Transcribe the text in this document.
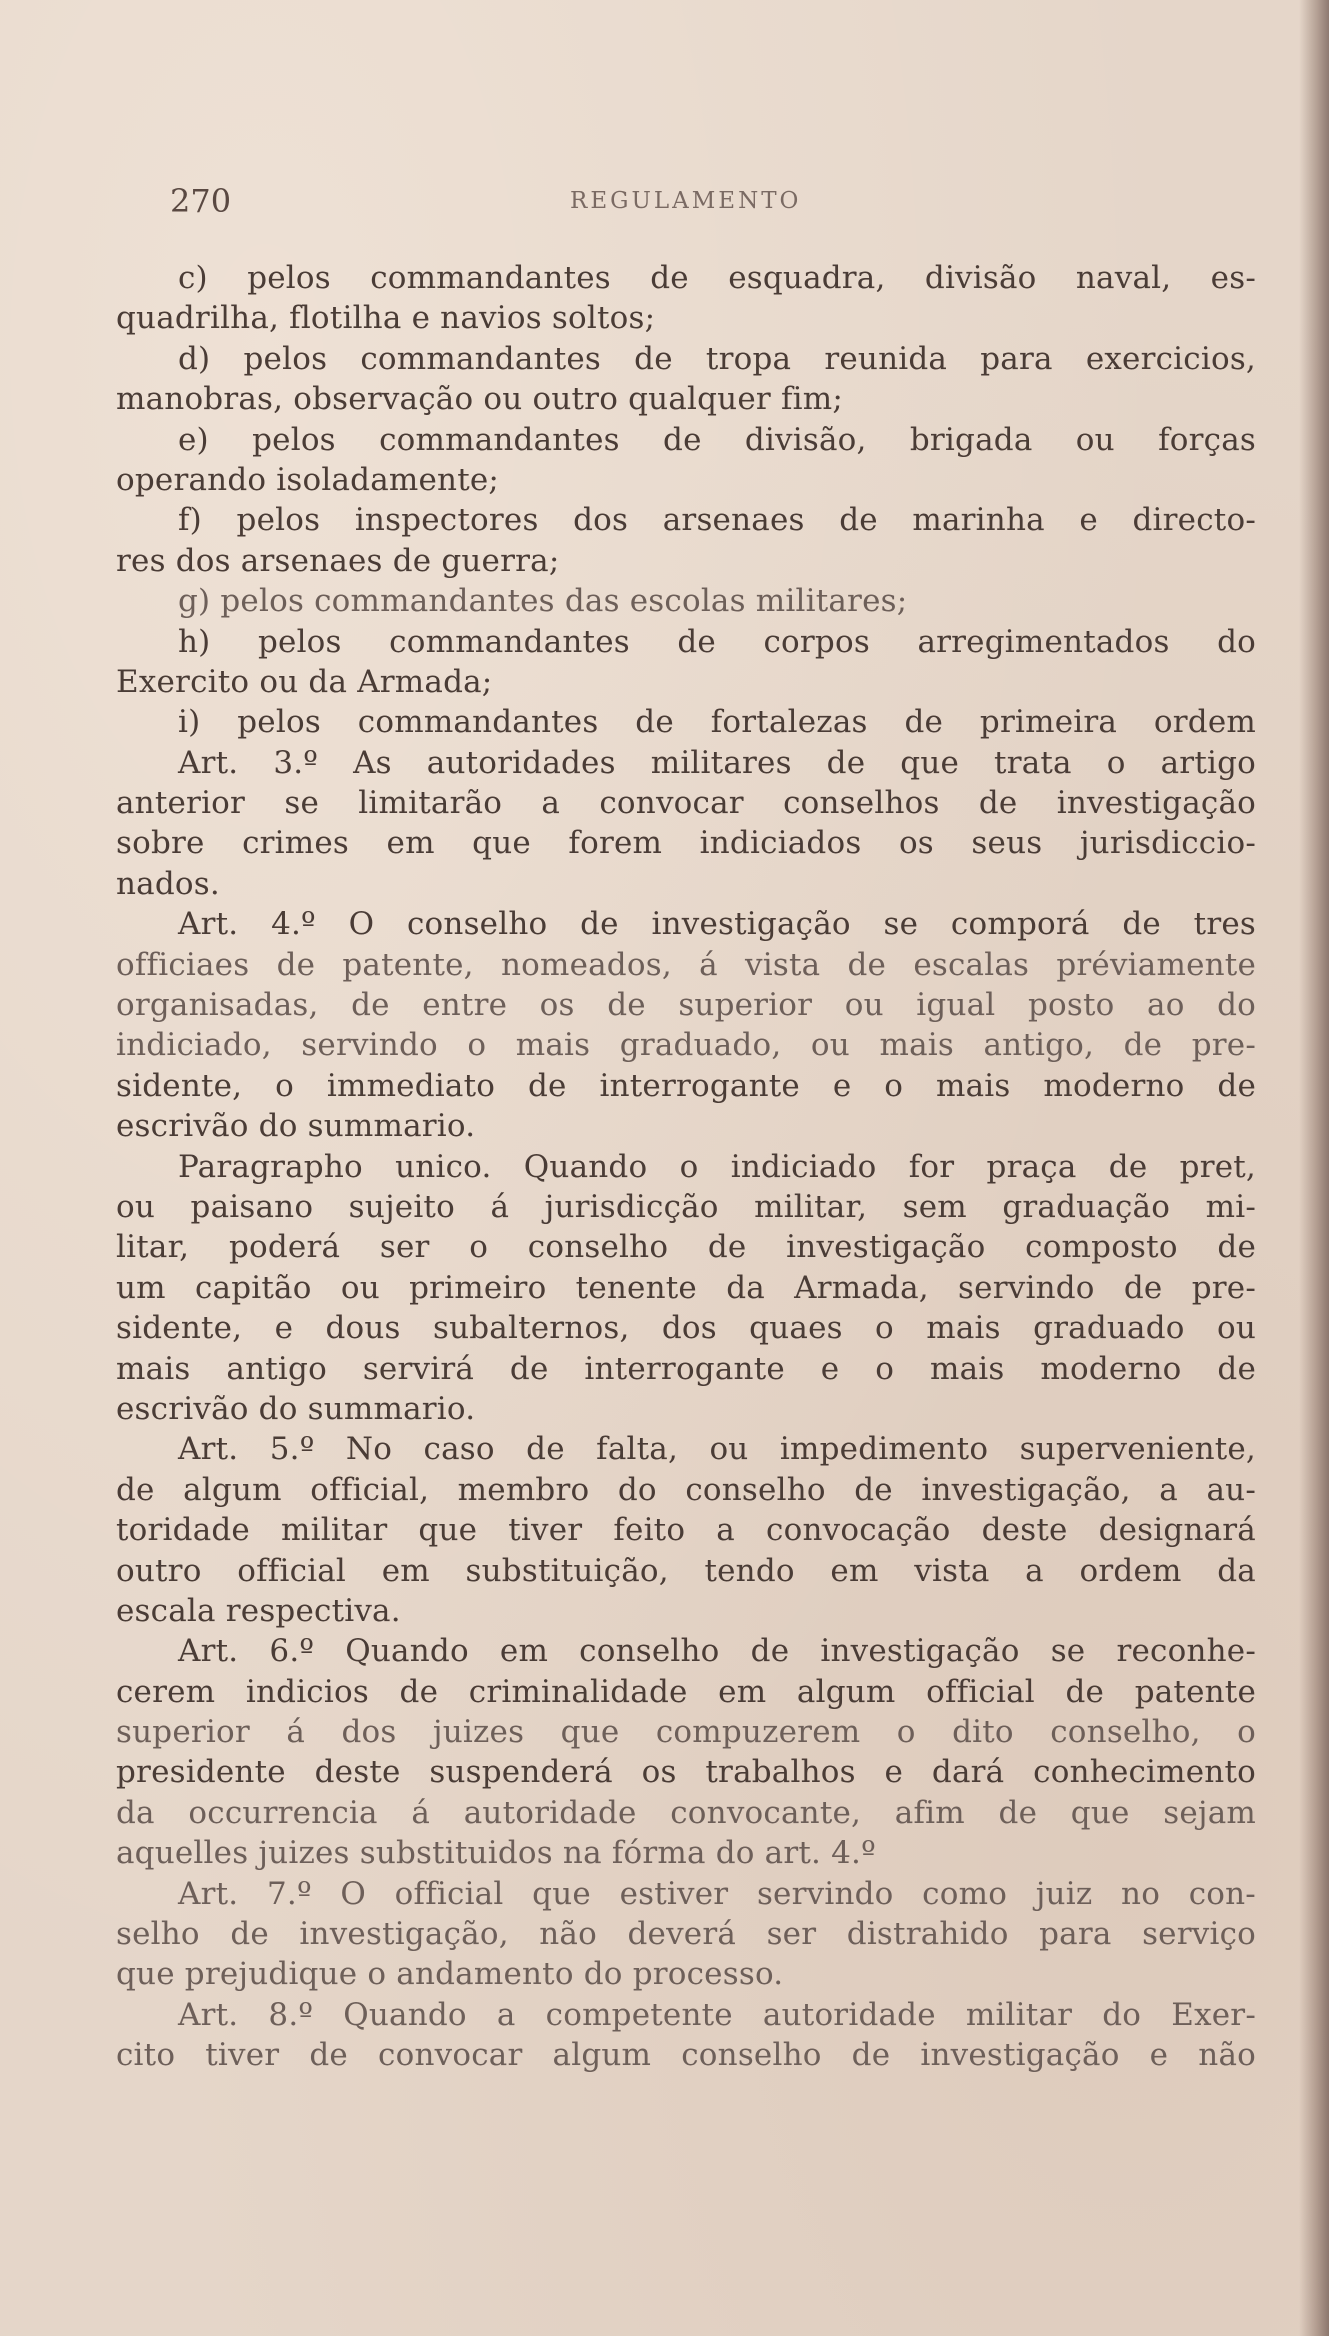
270	REGULAMENTO
c) pelos commandantes de esquadra, divisão naval, es-
quadrilha, flotilha e navios soltos;
d) pelos commandantes de tropa reunida para exercicios,
manobras, observação ou outro qualquer fim;
e) pelos commandantes de divisão, brigada ou forças
operando isoladamente;
f) pelos inspectores dos arsenaes de marinha e directo-
res dos arsenaes de guerra;
g) pelos commandantes das escolas militares;
h) pelos commandantes de corpos arregimentados do
Exercito ou da Armada;
i) pelos commandantes de fortalezas de primeira ordem
Art. 3.º As autoridades militares de que trata o artigo
anterior se limitarão a convocar conselhos de investigação
sobre crimes em que forem indiciados os seus jurisdiccio-
nados.
Art. 4.º O conselho de investigação se comporá de tres
officiaes de patente, nomeados, á vista de escalas préviamente
organisadas, de entre os de superior ou igual posto ao do
indiciado, servindo o mais graduado, ou mais antigo, de pre-
sidente, o immediato de interrogante e o mais moderno de
escrivão do summario.
Paragrapho unico. Quando o indiciado for praça de pret,
ou paisano sujeito á jurisdicção militar, sem graduação mi-
litar, poderá ser o conselho de investigação composto de
um capitão ou primeiro tenente da Armada, servindo de pre-
sidente, e dous subalternos, dos quaes o mais graduado ou
mais antigo servirá de interrogante e o mais moderno de
escrivão do summario.
Art. 5.º No caso de falta, ou impedimento superveniente,
de algum official, membro do conselho de investigação, a au-
toridade militar que tiver feito a convocação deste designará
outro official em substituição, tendo em vista a ordem da
escala respectiva.
Art. 6.º Quando em conselho de investigação se reconhe-
cerem indicios de criminalidade em algum official de patente
superior á dos juizes que compuzerem o dito conselho, o
presidente deste suspenderá os trabalhos e dará conhecimento
da occurrencia á autoridade convocante, afim de que sejam
aquelles juizes substituidos na fórma do art. 4.º
Art. 7.º O official que estiver servindo como juiz no con-
selho de investigação, não deverá ser distrahido para serviço
que prejudique o andamento do processo.
Art. 8.º Quando a competente autoridade militar do Exer-
cito tiver de convocar algum conselho de investigação e não
